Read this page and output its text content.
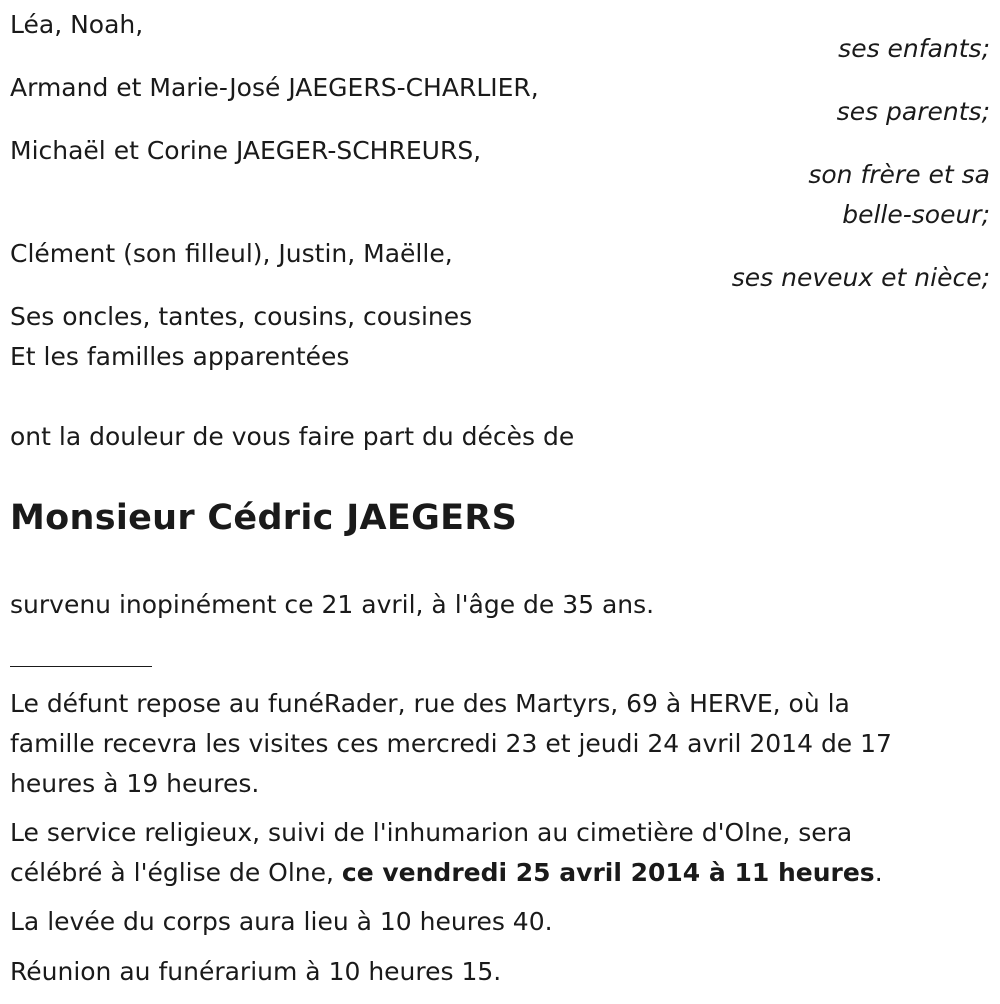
Léa, Noah,
ses enfants;
Armand et Marie-José JAEGERS-CHARLIER,
ses parents;
Michaël et Corine JAEGER-SCHREURS,
son frère et sa
belle-soeur;
Clément (son filleul), Justin, Maëlle,
ses neveux et nièce;
Ses oncles, tantes, cousins, cousines
Et les familles apparentées
ont la douleur de vous faire part du décès de
Monsieur Cédric JAEGERS
survenu inopinément ce 21 avril, à l'âge de 35 ans.
Le défunt repose au funéRader, rue des Martyrs, 69 à HERVE, où la
famille recevra les visites ces mercredi 23 et jeudi 24 avril 2014 de 17
heures à 19 heures.
Le service religieux, suivi de l'inhumarion au cimetière d'Olne, sera
célébré à l'église de Olne, ce vendredi 25 avril 2014 à 11 heures.
La levée du corps aura lieu à 10 heures 40.
Réunion au funérarium à 10 heures 15.
